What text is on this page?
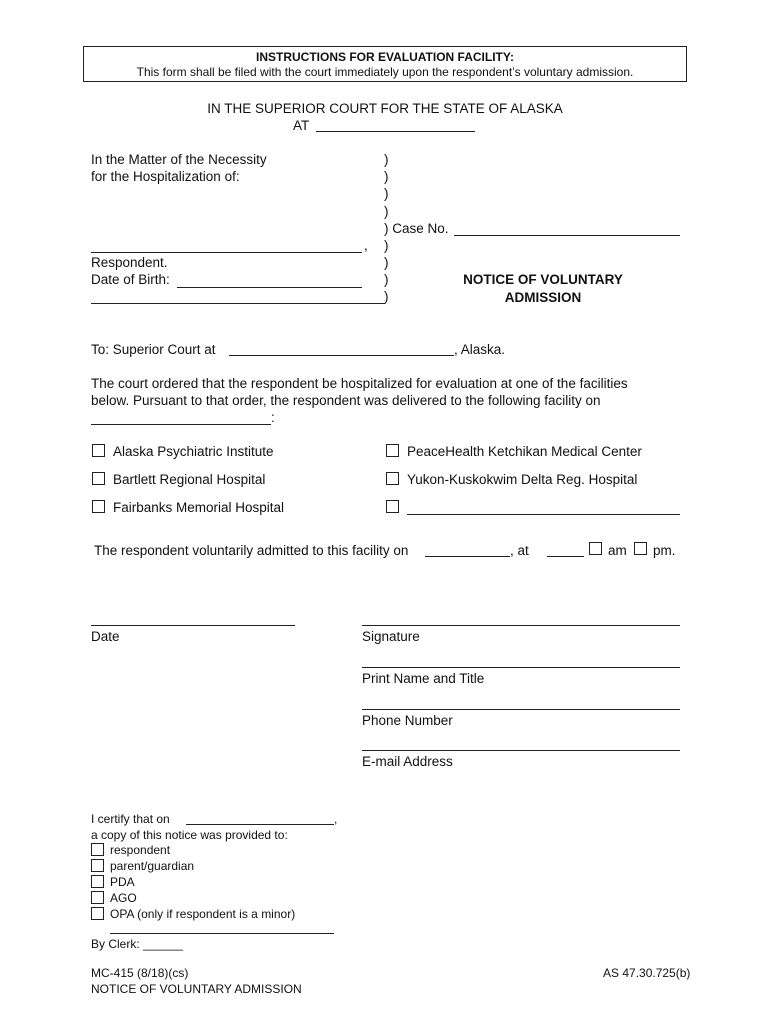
INSTRUCTIONS FOR EVALUATION FACILITY:
This form shall be filed with the court immediately upon the respondent’s voluntary admission.
IN THE SUPERIOR COURT FOR THE STATE OF ALASKA
AT
In the Matter of the Necessity
for the Hospitalization of:
,
Respondent.
Date of Birth:
)
)
)
)
) Case No.
)
)
)
)
NOTICE OF VOLUNTARY
ADMISSION
To: Superior Court at	, Alaska.
The court ordered that the respondent be hospitalized for evaluation at one of the facilities
below. Pursuant to that order, the respondent was delivered to the following facility on
:
Alaska Psychiatric Institute
Bartlett Regional Hospital
Fairbanks Memorial Hospital
PeaceHealth Ketchikan Medical Center
Yukon-Kuskokwim Delta Reg. Hospital
The respondent voluntarily admitted to this facility on	, at	am pm.
Date	Signature
Print Name and Title
Phone Number
E-mail Address
I certify that on	,
a copy of this notice was provided to:
respondent
parent/guardian
PDA
AGO
OPA (only if respondent is a minor)
By Clerk: ______
MC-415 (8/18)(cs)
NOTICE OF VOLUNTARY ADMISSION
AS 47.30.725(b)
